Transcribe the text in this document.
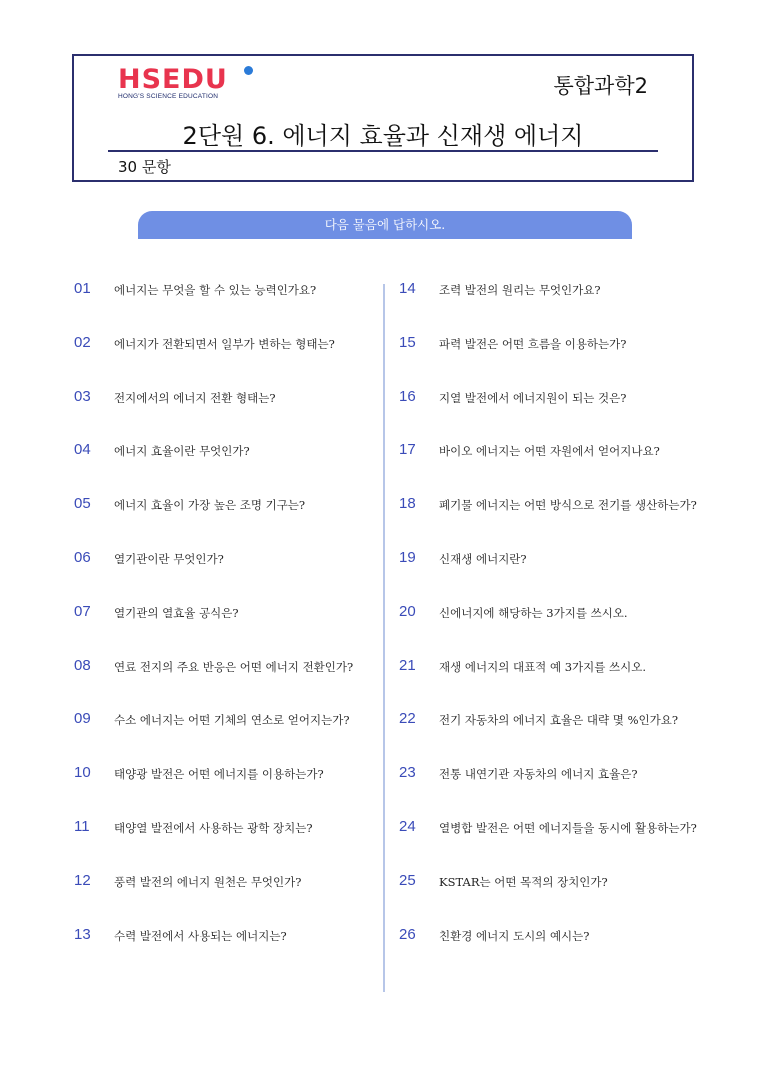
HSEDU
HONG'S SCIENCE EDUCATION	통합과학2
2단원 6. 에너지 효율과 신재생 에너지
30 문항
다음 물음에 답하시오.
01 에너지는 무엇을 할 수 있는 능력인가요?
02 에너지가 전환되면서 일부가 변하는 형태는?
03 전지에서의 에너지 전환 형태는?
04 에너지 효율이란 무엇인가?
05 에너지 효율이 가장 높은 조명 기구는?
06 열기관이란 무엇인가?
07 열기관의 열효율 공식은?
08 연료 전지의 주요 반응은 어떤 에너지 전환인가?
09 수소 에너지는 어떤 기체의 연소로 얻어지는가?
10 태양광 발전은 어떤 에너지를 이용하는가?
11 태양열 발전에서 사용하는 광학 장치는?
12 풍력 발전의 에너지 원천은 무엇인가?
13 수력 발전에서 사용되는 에너지는?
14 조력 발전의 원리는 무엇인가요?
15 파력 발전은 어떤 흐름을 이용하는가?
16 지열 발전에서 에너지원이 되는 것은?
17 바이오 에너지는 어떤 자원에서 얻어지나요?
18 폐기물 에너지는 어떤 방식으로 전기를 생산하는가?
19 신재생 에너지란?
20 신에너지에 해당하는 3가지를 쓰시오.
21 재생 에너지의 대표적 예 3가지를 쓰시오.
22 전기 자동차의 에너지 효율은 대략 몇 %인가요?
23 전통 내연기관 자동차의 에너지 효율은?
24 열병합 발전은 어떤 에너지들을 동시에 활용하는가?
25 KSTAR는 어떤 목적의 장치인가?
26 친환경 에너지 도시의 예시는?
